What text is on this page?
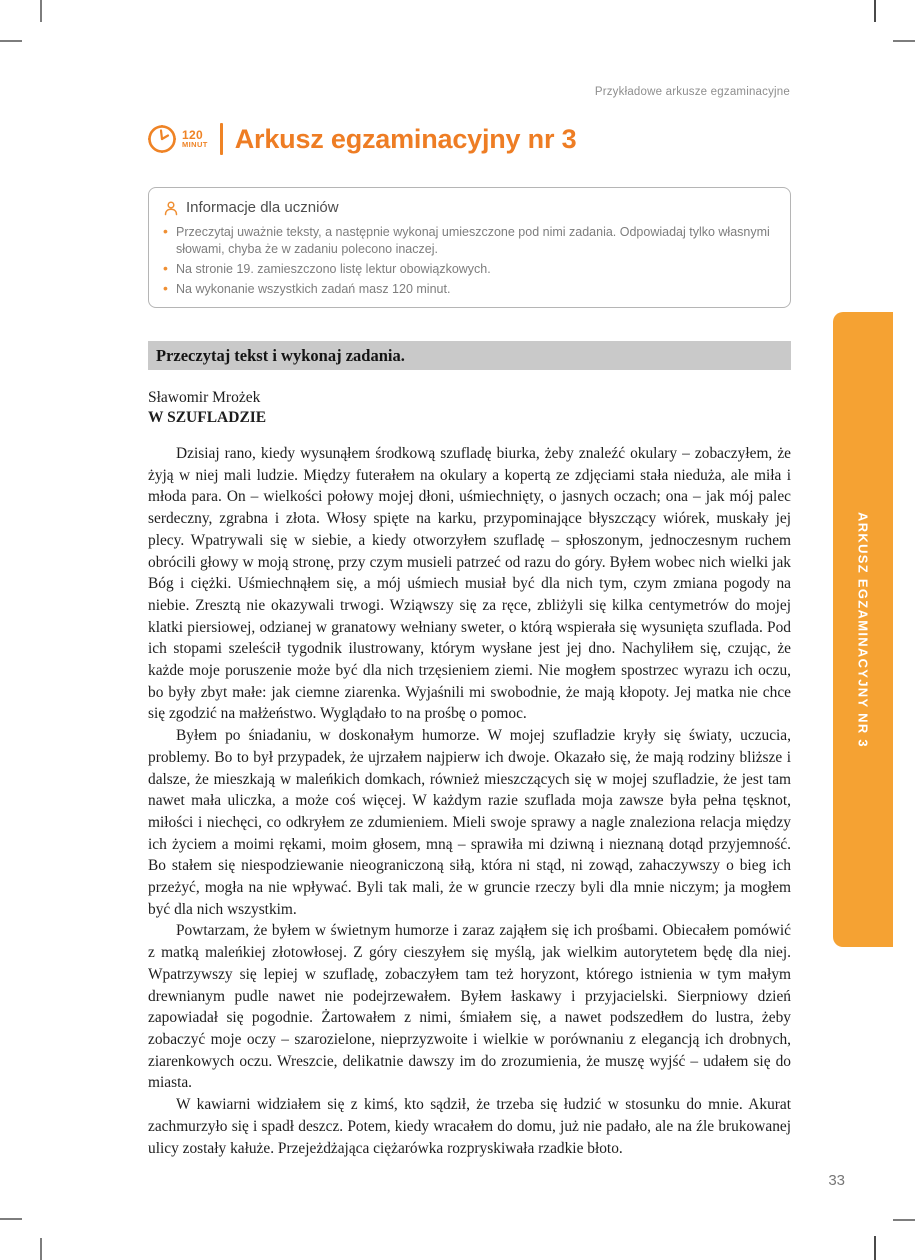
Przykładowe arkusze egzaminacyjne
120
MINUT Arkusz egzaminacyjny nr 3
Informacje dla uczniów
• Przeczytaj uważnie teksty, a następnie wykonaj umieszczone pod nimi zadania. Odpowiadaj tylko własnymi słowami, chyba że w zadaniu polecono inaczej.
• Na stronie 19. zamieszczono listę lektur obowiązkowych.
• Na wykonanie wszystkich zadań masz 120 minut.
Przeczytaj tekst i wykonaj zadania.
Sławomir Mrożek
W SZUFLADZIE

Dzisiaj rano, kiedy wysunąłem środkową szufladę biurka, żeby znaleźć okulary – zobaczyłem, że żyją w niej mali ludzie. Między futerałem na okulary a kopertą ze zdjęciami stała nieduża, ale miła i młoda para. On – wielkości połowy mojej dłoni, uśmiechnięty, o jasnych oczach; ona – jak mój palec serdeczny, zgrabna i złota. Włosy spięte na karku, przypominające błyszczący wiórek, muskały jej plecy. Wpatrywali się w siebie, a kiedy otworzyłem szufladę – spłoszonym, jednoczesnym ruchem obrócili głowy w moją stronę, przy czym musieli patrzeć od razu do góry. Byłem wobec nich wielki jak Bóg i ciężki. Uśmiechnąłem się, a mój uśmiech musiał być dla nich tym, czym zmiana pogody na niebie. Zresztą nie okazywali trwogi. Wziąwszy się za ręce, zbliżyli się kilka centymetrów do mojej klatki piersiowej, odzianej w granatowy wełniany sweter, o którą wspierała się wysunięta szuflada. Pod ich stopami szeleścił tygodnik ilustrowany, którym wysłane jest jej dno. Nachyliłem się, czując, że każde moje poruszenie może być dla nich trzęsieniem ziemi. Nie mogłem spostrzec wyrazu ich oczu, bo były zbyt małe: jak ciemne ziarenka. Wyjaśnili mi swobodnie, że mają kłopoty. Jej matka nie chce się zgodzić na małżeństwo. Wyglądało to na prośbę o pomoc.

Byłem po śniadaniu, w doskonałym humorze. W mojej szufladzie kryły się światy, uczucia, problemy. Bo to był przypadek, że ujrzałem najpierw ich dwoje. Okazało się, że mają rodziny bliższe i dalsze, że mieszkają w maleńkich domkach, również mieszczących się w mojej szufladzie, że jest tam nawet mała uliczka, a może coś więcej. W każdym razie szuflada moja zawsze była pełna tęsknot, miłości i niechęci, co odkryłem ze zdumieniem. Mieli swoje sprawy a nagle znaleziona relacja między ich życiem a moimi rękami, moim głosem, mną – sprawiła mi dziwną i nieznaną dotąd przyjemność. Bo stałem się niespodziewanie nieograniczoną siłą, która ni stąd, ni zowąd, zahaczywszy o bieg ich przeżyć, mogła na nie wpływać. Byli tak mali, że w gruncie rzeczy byli dla mnie niczym; ja mogłem być dla nich wszystkim.

Powtarzam, że byłem w świetnym humorze i zaraz zająłem się ich prośbami. Obiecałem pomówić z matką maleńkiej złotowłosej. Z góry cieszyłem się myślą, jak wielkim autorytetem będę dla niej. Wpatrzywszy się lepiej w szufladę, zobaczyłem tam też horyzont, którego istnienia w tym małym drewnianym pudle nawet nie podejrzewałem. Byłem łaskawy i przyjacielski. Sierpniowy dzień zapowiadał się pogodnie. Żartowałem z nimi, śmiałem się, a nawet podszedłem do lustra, żeby zobaczyć moje oczy – szarozielone, nieprzyzwoite i wielkie w porównaniu z elegancją ich drobnych, ziarenkowych oczu. Wreszcie, delikatnie dawszy im do zrozumienia, że muszę wyjść – udałem się do miasta.

W kawiarni widziałem się z kimś, kto sądził, że trzeba się łudzić w stosunku do mnie. Akurat zachmurzyło się i spadł deszcz. Potem, kiedy wracałem do domu, już nie padało, ale na źle brukowanej ulicy zostały kałuże. Przejeżdżająca ciężarówka rozpryskiwała rzadkie błoto.

ARKUSZ EGZAMINACYJNY NR 3
33
